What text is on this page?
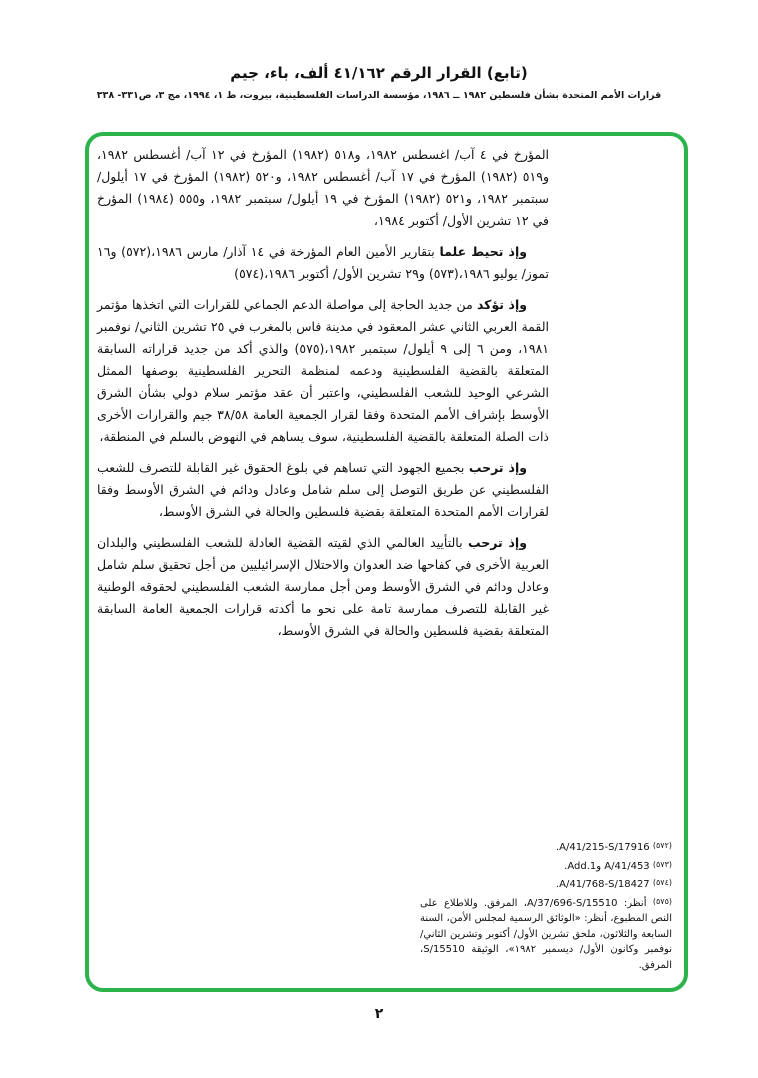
(تابع) القرار الرقم ٤١/١٦٢ ألف، باء، جيم
قرارات الأمم المتحدة بشأن فلسطين ١٩٨٢ ــ ١٩٨٦، مؤسسة الدراسات الفلسطينية، بيروت، ط ١، ١٩٩٤، مج ٣، ص٣٣١- ٣٣٨

المؤرخ في ٤ آب/ اغسطس ١٩٨٢، و٥١٨ (١٩٨٢) المؤرخ في ١٢ آب/ أغسطس ١٩٨٢، و٥١٩ (١٩٨٢) المؤرخ في ١٧ آب/ أغسطس ١٩٨٢، و٥٢٠ (١٩٨٢) المؤرخ في ١٧ أيلول/ سبتمبر ١٩٨٢، و٥٢١ (١٩٨٢) المؤرخ في ١٩ أيلول/ سبتمبر ١٩٨٢، و٥٥٥ (١٩٨٤) المؤرخ في ١٢ تشرين الأول/ أكتوبر ١٩٨٤،

وإذ تحيط علما بتقارير الأمين العام المؤرخة في ١٤ آذار/ مارس ١٩٨٦،(٥٧٢) و١٦ تموز/ يوليو ١٩٨٦،(٥٧٣) و٢٩ تشرين الأول/ أكتوبر ١٩٨٦،(٥٧٤)

وإذ تؤكد من جديد الحاجة إلى مواصلة الدعم الجماعي للقرارات التي اتخذها مؤتمر القمة العربي الثاني عشر المعقود في مدينة فاس بالمغرب في ٢٥ تشرين الثاني/ نوفمبر ١٩٨١، ومن ٦ إلى ٩ أيلول/ سبتمبر ١٩٨٢،(٥٧٥) والذي أكد من جديد قراراته السابقة المتعلقة بالقضية الفلسطينية ودعمه لمنظمة التحرير الفلسطينية بوصفها الممثل الشرعي الوحيد للشعب الفلسطيني، واعتبر أن عقد مؤتمر سلام دولي بشأن الشرق الأوسط بإشراف الأمم المتحدة وفقا لقرار الجمعية العامة ٣٨/٥٨ جيم والقرارات الأخرى ذات الصلة المتعلقة بالقضية الفلسطينية، سوف يساهم في النهوض بالسلم في المنطقة،

وإذ ترحب بجميع الجهود التي تساهم في بلوغ الحقوق غير القابلة للتصرف للشعب الفلسطيني عن طريق التوصل إلى سلم شامل وعادل ودائم في الشرق الأوسط وفقا لقرارات الأمم المتحدة المتعلقة بقضية فلسطين والحالة في الشرق الأوسط،

وإذ ترحب بالتأييد العالمي الذي لقيته القضية العادلة للشعب الفلسطيني والبلدان العربية الأخرى في كفاحها ضد العدوان والاحتلال الإسرائيليين من أجل تحقيق سلم شامل وعادل ودائم في الشرق الأوسط ومن أجل ممارسة الشعب الفلسطيني لحقوقه الوطنية غير القابلة للتصرف ممارسة تامة على نحو ما أكدته قرارات الجمعية العامة السابقة المتعلقة بقضية فلسطين والحالة في الشرق الأوسط،

$^{(٥٧٢)}$ A/41/215-S/17916.
$^{(٥٧٣)}$ A/41/453 وAdd.1.
$^{(٥٧٤)}$ A/41/768-S/18427.
$^{(٥٧٥)}$ أنظر: A/37/696-S/15510، المرفق. وللاطلاع على النص المطبوع، أنظر: «الوثائق الرسمية لمجلس الأمن، السنة السابعة والثلاثون، ملحق تشرين الأول/ أكتوبر وتشرين الثاني/ نوفمبر وكانون الأول/ ديسمبر ١٩٨٢»، الوثيقة S/15510، المرفق.
٢
